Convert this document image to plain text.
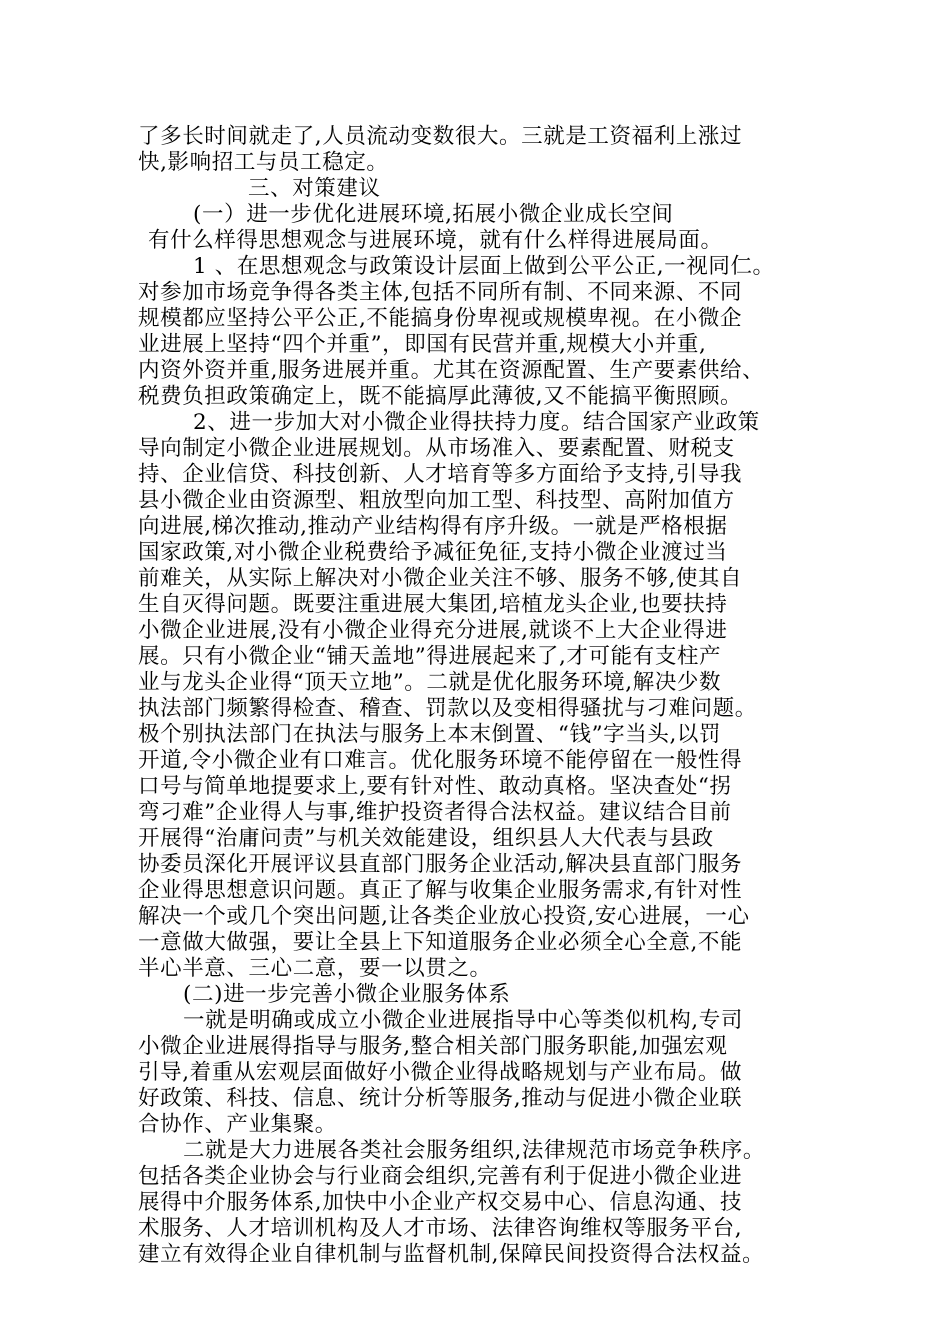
了多长时间就走了,人员流动变数很大。三就是工资福利上涨过
快,影响招工与员工稳定。
三、对策建议
(一）进一步优化进展环境,拓展小微企业成长空间
有什么样得思想观念与进展环境，就有什么样得进展局面。
1 、在思想观念与政策设计层面上做到公平公正,一视同仁。
对参加市场竞争得各类主体,包括不同所有制、不同来源、不同
规模都应坚持公平公正,不能搞身份卑视或规模卑视。在小微企
业进展上坚持“四个并重”，即国有民营并重,规模大小并重,
内资外资并重,服务进展并重。尤其在资源配置、生产要素供给、
税费负担政策确定上，既不能搞厚此薄彼,又不能搞平衡照顾。
2、进一步加大对小微企业得扶持力度。结合国家产业政策
导向制定小微企业进展规划。从市场准入、要素配置、财税支
持、企业信贷、科技创新、人才培育等多方面给予支持,引导我
县小微企业由资源型、粗放型向加工型、科技型、高附加值方
向进展,梯次推动,推动产业结构得有序升级。一就是严格根据
国家政策,对小微企业税费给予减征免征,支持小微企业渡过当
前难关，从实际上解决对小微企业关注不够、服务不够,使其自
生自灭得问题。既要注重进展大集团,培植龙头企业,也要扶持
小微企业进展,没有小微企业得充分进展,就谈不上大企业得进
展。只有小微企业“铺天盖地”得进展起来了,才可能有支柱产
业与龙头企业得“顶天立地”。二就是优化服务环境,解决少数
执法部门频繁得检查、稽查、罚款以及变相得骚扰与刁难问题。
极个别执法部门在执法与服务上本末倒置、“钱”字当头,以罚
开道,令小微企业有口难言。优化服务环境不能停留在一般性得
口号与简单地提要求上,要有针对性、敢动真格。坚决查处“拐
弯刁难”企业得人与事,维护投资者得合法权益。建议结合目前
开展得“治庸问责”与机关效能建设，组织县人大代表与县政
协委员深化开展评议县直部门服务企业活动,解决县直部门服务
企业得思想意识问题。真正了解与收集企业服务需求,有针对性
解决一个或几个突出问题,让各类企业放心投资,安心进展，一心
一意做大做强，要让全县上下知道服务企业必须全心全意,不能
半心半意、三心二意，要一以贯之。
(二)进一步完善小微企业服务体系
一就是明确或成立小微企业进展指导中心等类似机构,专司
小微企业进展得指导与服务,整合相关部门服务职能,加强宏观
引导,着重从宏观层面做好小微企业得战略规划与产业布局。做
好政策、科技、信息、统计分析等服务,推动与促进小微企业联
合协作、产业集聚。
二就是大力进展各类社会服务组织,法律规范市场竞争秩序。
包括各类企业协会与行业商会组织,完善有利于促进小微企业进
展得中介服务体系,加快中小企业产权交易中心、信息沟通、技
术服务、人才培训机构及人才市场、法律咨询维权等服务平台,
建立有效得企业自律机制与监督机制,保障民间投资得合法权益。
